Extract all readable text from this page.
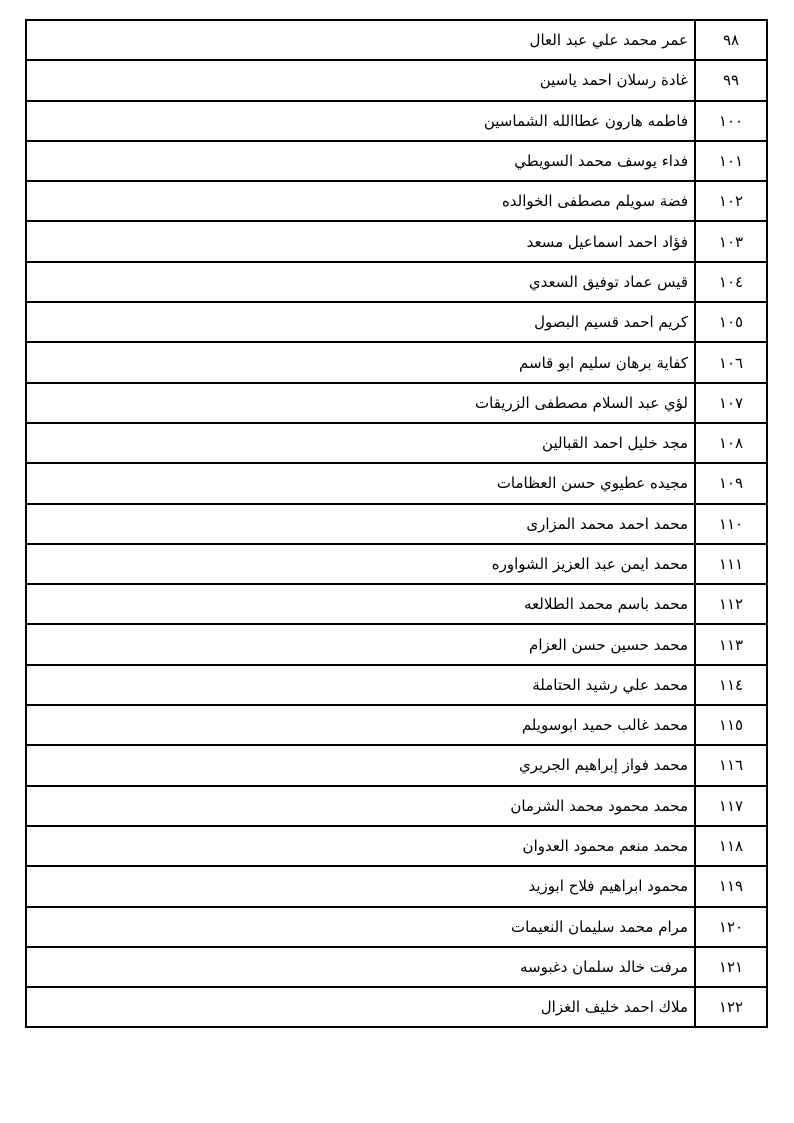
٩٨	عمر محمد علي عبد العال
٩٩	غادة رسلان احمد ياسين
١٠٠	فاطمه هارون عطاالله الشماسين
١٠١	فداء يوسف محمد السويطي
١٠٢	فضة سويلم مصطفى الخوالده
١٠٣	فؤاد احمد اسماعيل مسعد
١٠٤	قيس عماد توفيق السعدي
١٠٥	كريم احمد قسيم البصول
١٠٦	كفاية برهان سليم ابو قاسم
١٠٧	لؤي عبد السلام مصطفى الزريقات
١٠٨	مجد خليل احمد القبالين
١٠٩	مجيده عطيوي حسن العظامات
١١٠	محمد احمد محمد المزارى
١١١	محمد ايمن عبد العزيز الشواوره
١١٢	محمد باسم محمد الطلالعه
١١٣	محمد حسين حسن العزام
١١٤	محمد علي رشيد الحتاملة
١١٥	محمد غالب حميد ابوسويلم
١١٦	محمد فواز إبراهيم الجريري
١١٧	محمد محمود محمد الشرمان
١١٨	محمد منعم محمود العدوان
١١٩	محمود ابراهيم فلاح ابوزيد
١٢٠	مرام محمد سليمان النعيمات
١٢١	مرفت خالد سلمان دغبوسه
١٢٢	ملاك احمد خليف الغزال
